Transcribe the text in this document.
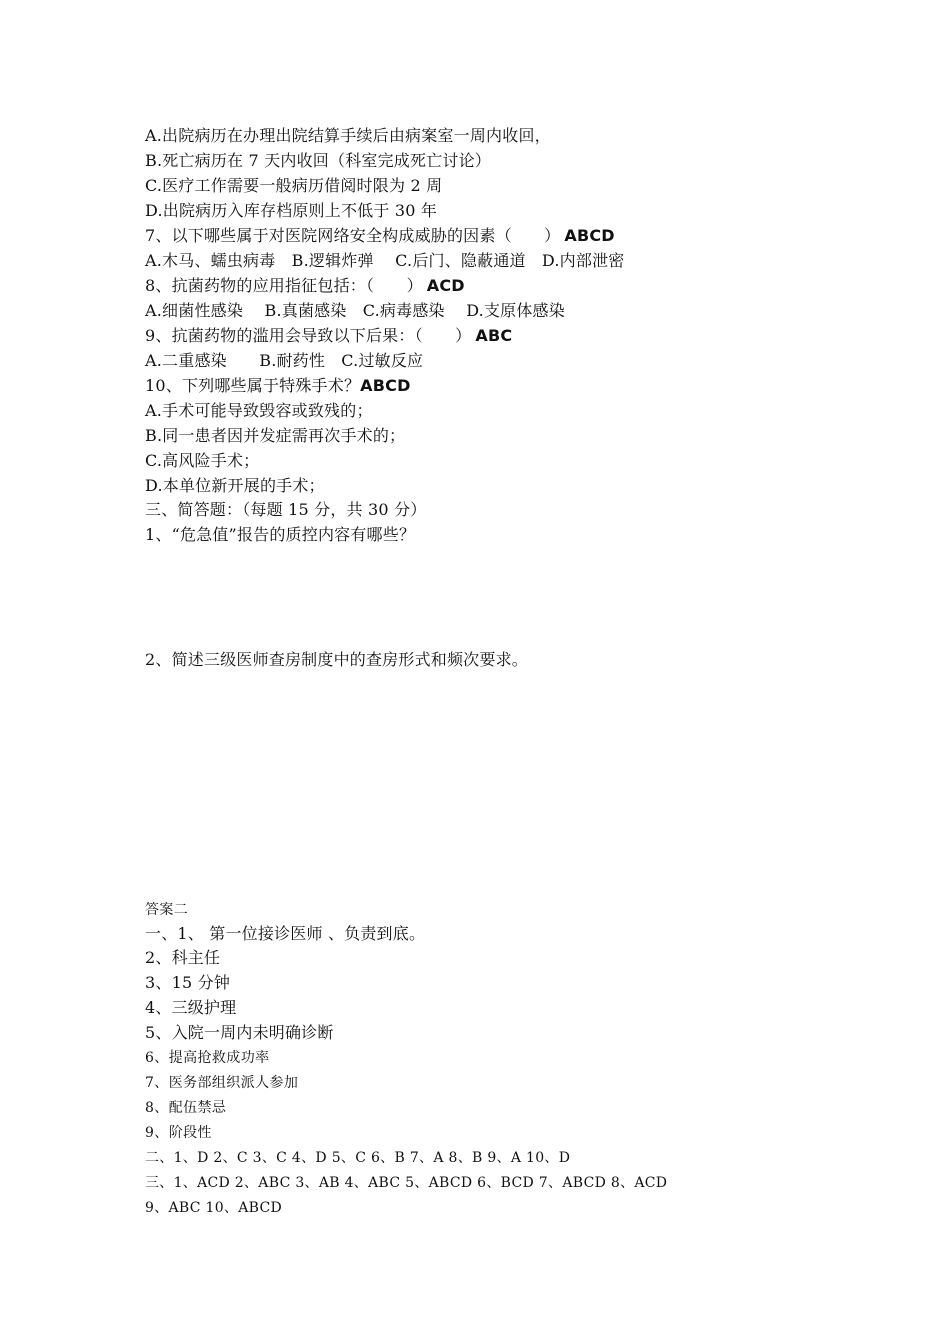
A.出院病历在办理出院结算手续后由病案室一周内收回，
B.死亡病历在 7 天内收回（科室完成死亡讨论）
C.医疗工作需要一般病历借阅时限为 2 周
D.出院病历入库存档原则上不低于 30 年
7、以下哪些属于对医院网络安全构成威胁的因素（　　） ABCD
A.木马、蠕虫病毒　B.逻辑炸弹　 C.后门、隐蔽通道　D.内部泄密
8、抗菌药物的应用指征包括：（　　） ACD
A.细菌性感染　 B.真菌感染　C.病毒感染　 D.支原体感染
9、抗菌药物的滥用会导致以下后果：（　　） ABC
A.二重感染　　B.耐药性　C.过敏反应
10、下列哪些属于特殊手术？ABCD
A.手术可能导致毁容或致残的；
B.同一患者因并发症需再次手术的；
C.高风险手术；
D.本单位新开展的手术；
三、简答题：（每题 15 分，共 30 分）
1、“危急值”报告的质控内容有哪些？
2、简述三级医师查房制度中的查房形式和频次要求。
答案二
一、1、 第一位接诊医师 、负责到底。
2、科主任
3、15 分钟
4、三级护理
5、入院一周内未明确诊断
6、提高抢救成功率
7、医务部组织派人参加
8、配伍禁忌
9、阶段性
二、1、D 2、C 3、C 4、D 5、C 6、B 7、A 8、B 9、A 10、D
三、1、ACD 2、ABC 3、AB 4、ABC 5、ABCD 6、BCD 7、ABCD 8、ACD
9、ABC 10、ABCD
